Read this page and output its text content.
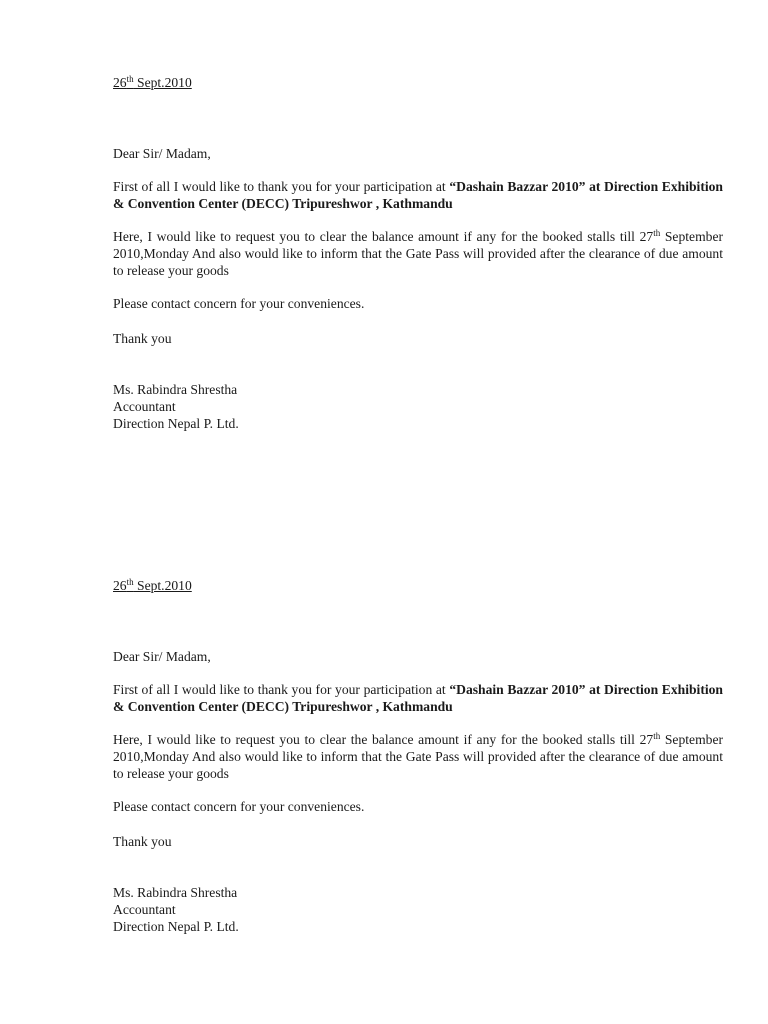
26th Sept.2010

Dear Sir/ Madam,

First of all I would like to thank you for your participation at “Dashain Bazzar 2010” at Direction Exhibition & Convention Center (DECC) Tripureshwor , Kathmandu

Here, I would like to request you to clear the balance amount if any for the booked stalls till 27th September 2010,Monday And also would like to inform that the Gate Pass will provided after the clearance of due amount to release your goods

Please contact concern for your conveniences.

Thank you

Ms. Rabindra Shrestha
Accountant
Direction Nepal P. Ltd.

26th Sept.2010

Dear Sir/ Madam,

First of all I would like to thank you for your participation at “Dashain Bazzar 2010” at Direction Exhibition & Convention Center (DECC) Tripureshwor , Kathmandu

Here, I would like to request you to clear the balance amount if any for the booked stalls till 27th September 2010,Monday And also would like to inform that the Gate Pass will provided after the clearance of due amount to release your goods

Please contact concern for your conveniences.

Thank you

Ms. Rabindra Shrestha
Accountant
Direction Nepal P. Ltd.
